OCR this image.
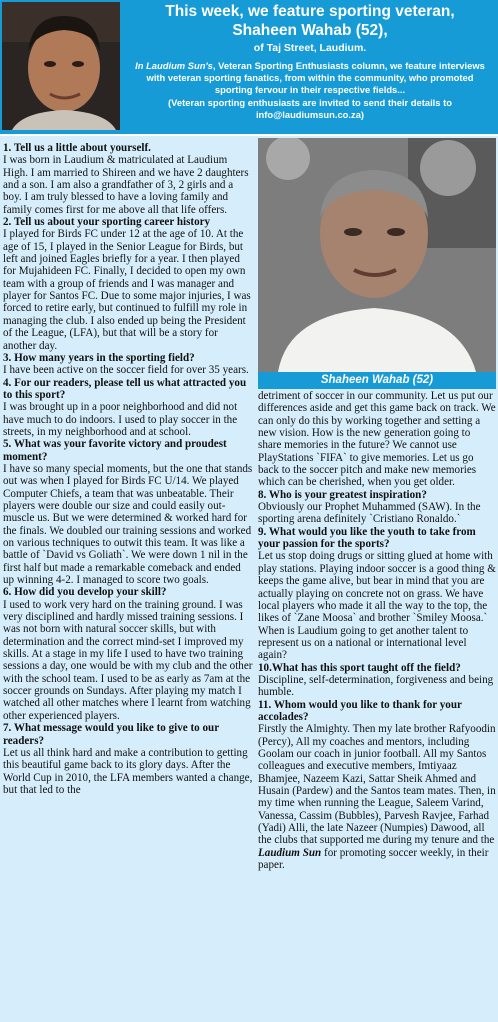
This week, we feature sporting veteran,
Shaheen Wahab (52),
of Taj Street, Laudium.
In Laudium Sun's, Veteran Sporting Enthusiasts column, we feature interviews with veteran sporting fanatics, from within the community, who promoted sporting fervour in their respective fields...
(Veteran sporting enthusiasts are invited to send their details to info@laudiumsun.co.za)
1. Tell us a little about yourself.
I was born in Laudium & matriculated at Laudium High. I am married to Shireen and we have 2 daughters and a son. I am also a grandfather of 3, 2 girls and a boy. I am truly blessed to have a loving family and family comes first for me above all that life offers.
2. Tell us about your sporting career history
I played for Birds FC under 12 at the age of 10. At the age of 15, I played in the Senior League for Birds, but left and joined Eagles briefly for a year. I then played for Mujahideen FC. Finally, I decided to open my own team with a group of friends and I was manager and player for Santos FC. Due to some major injuries, I was forced to retire early, but continued to fulfill my role in managing the club. I also ended up being the President of the League, (LFA), but that will be a story for another day.
3. How many years in the sporting field?
I have been active on the soccer field for over 35 years.
4. For our readers, please tell us what attracted you to this sport?
I was brought up in a poor neighborhood and did not have much to do indoors. I used to play soccer in the streets, in my neighborhood and at school.
5. What was your favorite victory and proudest moment?
I have so many special moments, but the one that stands out was when I played for Birds FC U/14. We played Computer Chiefs, a team that was unbeatable. Their players were double our size and could easily out-muscle us. But we were determined & worked hard for the finals. We doubled our training sessions and worked on various techniques to outwit this team. It was like a battle of `David vs Goliath`. We were down 1 nil in the first half but made a remarkable comeback and ended up winning 4-2. I managed to score two goals.
6. How did you develop your skill?
I used to work very hard on the training ground. I was very disciplined and hardly missed training sessions. I was not born with natural soccer skills, but with determination and the correct mind-set I improved my skills. At a stage in my life I used to have two training sessions a day, one would be with my club and the other with the school team. I used to be as early as 7am at the soccer grounds on Sundays. After playing my match I watched all other matches where I learnt from watching other experienced players.
7. What message would you like to give to our readers?
Let us all think hard and make a contribution to getting this beautiful game back to its glory days. After the World Cup in 2010, the LFA members wanted a change, but that led to the
Shaheen Wahab (52)
detriment of soccer in our community. Let us put our differences aside and get this game back on track. We can only do this by working together and setting a new vision. How is the new generation going to share memories in the future? We cannot use PlayStations `FIFA` to give memories. Let us go back to the soccer pitch and make new memories which can be cherished, when you get older.
8. Who is your greatest inspiration?
Obviously our Prophet Muhammed (SAW). In the sporting arena definitely `Cristiano Ronaldo.`
9. What would you like the youth to take from your passion for the sports?
Let us stop doing drugs or sitting glued at home with play stations. Playing indoor soccer is a good thing & keeps the game alive, but bear in mind that you are actually playing on concrete not on grass. We have local players who made it all the way to the top, the likes of `Zane Moosa` and brother `Smiley Moosa.` When is Laudium going to get another talent to represent us on a national or international level again?
10.What has this sport taught off the field?
Discipline, self-determination, forgiveness and being humble.
11. Whom would you like to thank for your accolades?
Firstly the Almighty. Then my late brother Rafyoodin (Percy), All my coaches and mentors, including Goolam our coach in junior football. All my Santos colleagues and executive members, Imtiyaaz Bhamjee, Nazeem Kazi, Sattar Sheik Ahmed and Husain (Pardew) and the Santos team mates. Then, in my time when running the League, Saleem Varind, Vanessa, Cassim (Bubbles), Parvesh Ravjee, Farhad (Yadi) Alli, the late Nazeer (Numpies) Dawood, all the clubs that supported me during my tenure and the Laudium Sun for promoting soccer weekly, in their paper.
